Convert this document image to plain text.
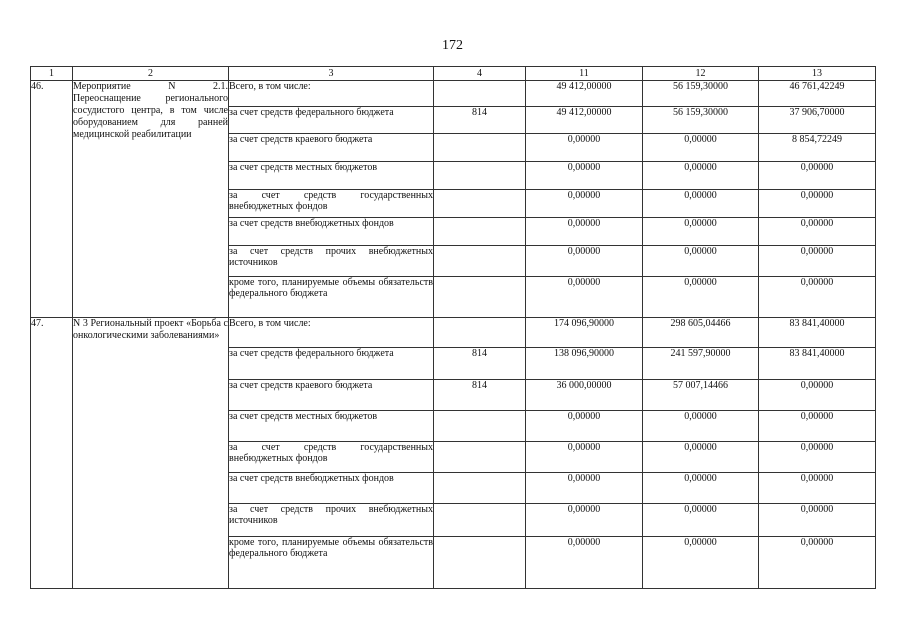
172
1	2	3	4	11	12	13
46.	Мероприятие N 2.1. Переоснащение регионального сосудистого центра, в том числе оборудованием для ранней медицинской реабилитации	Всего, в том числе:		49 412,00000	56 159,30000	46 761,42249
		за счет средств федерального бюджета	814	49 412,00000	56 159,30000	37 906,70000
		за счет средств краевого бюджета		0,00000	0,00000	8 854,72249
		за счет средств местных бюджетов		0,00000	0,00000	0,00000
		за счет средств государственных внебюджетных фондов		0,00000	0,00000	0,00000
		за счет средств внебюджетных фондов		0,00000	0,00000	0,00000
		за счет средств прочих внебюджетных источников		0,00000	0,00000	0,00000
		кроме того, планируемые объемы обязательств федерального бюджета		0,00000	0,00000	0,00000
47.	N 3 Региональный проект «Борьба с онкологическими заболеваниями»	Всего, в том числе:		174 096,90000	298 605,04466	83 841,40000
		за счет средств федерального бюджета	814	138 096,90000	241 597,90000	83 841,40000
		за счет средств краевого бюджета	814	36 000,00000	57 007,14466	0,00000
		за счет средств местных бюджетов		0,00000	0,00000	0,00000
		за счет средств государственных внебюджетных фондов		0,00000	0,00000	0,00000
		за счет средств внебюджетных фондов		0,00000	0,00000	0,00000
		за счет средств прочих внебюджетных источников		0,00000	0,00000	0,00000
		кроме того, планируемые объемы обязательств федерального бюджета		0,00000	0,00000	0,00000
